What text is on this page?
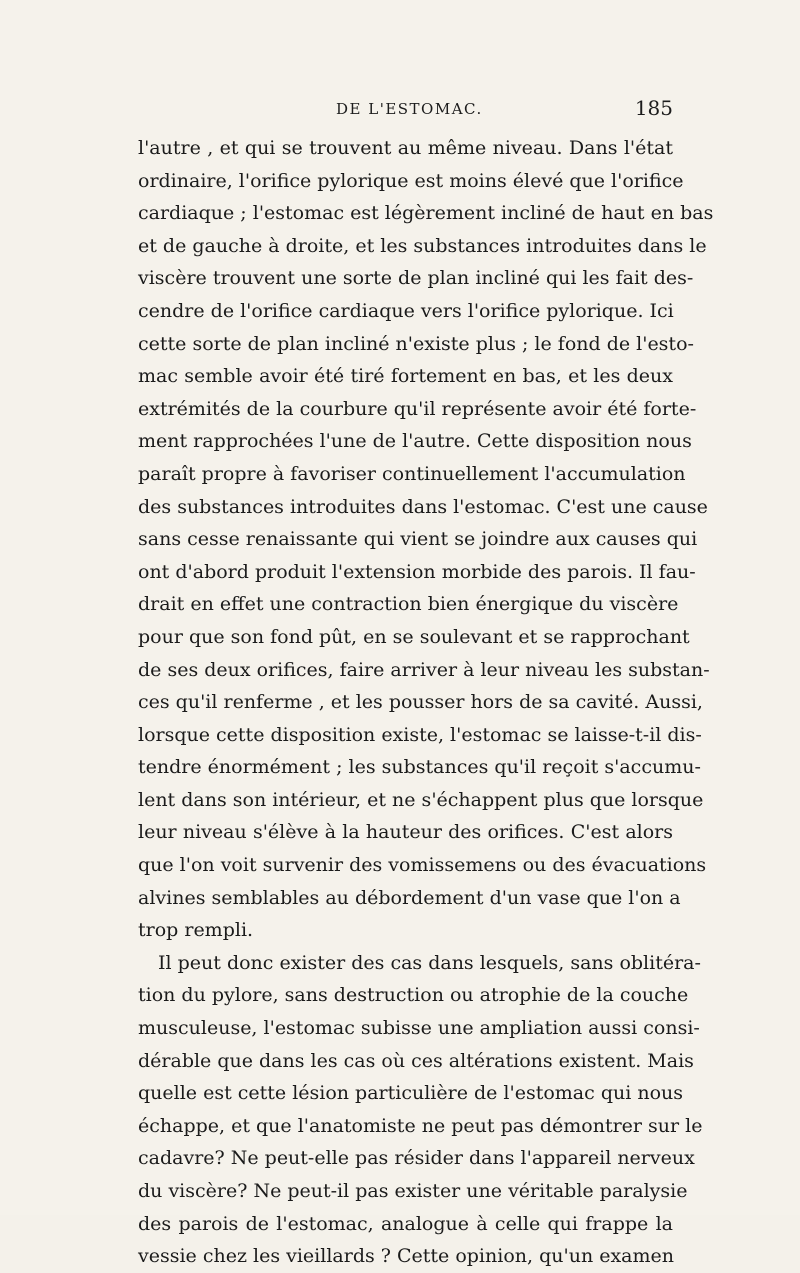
DE L'ESTOMAC.	185
l'autre , et qui se trouvent au même niveau. Dans l'état
ordinaire, l'orifice pylorique est moins élevé que l'orifice
cardiaque ; l'estomac est légèrement incliné de haut en bas
et de gauche à droite, et les substances introduites dans le
viscère trouvent une sorte de plan incliné qui les fait des-
cendre de l'orifice cardiaque vers l'orifice pylorique. Ici
cette sorte de plan incliné n'existe plus ; le fond de l'esto-
mac semble avoir été tiré fortement en bas, et les deux
extrémités de la courbure qu'il représente avoir été forte-
ment rapprochées l'une de l'autre. Cette disposition nous
paraît propre à favoriser continuellement l'accumulation
des substances introduites dans l'estomac. C'est une cause
sans cesse renaissante qui vient se joindre aux causes qui
ont d'abord produit l'extension morbide des parois. Il fau-
drait en effet une contraction bien énergique du viscère
pour que son fond pût, en se soulevant et se rapprochant
de ses deux orifices, faire arriver à leur niveau les substan-
ces qu'il renferme , et les pousser hors de sa cavité. Aussi,
lorsque cette disposition existe, l'estomac se laisse-t-il dis-
tendre énormément ; les substances qu'il reçoit s'accumu-
lent dans son intérieur, et ne s'échappent plus que lorsque
leur niveau s'élève à la hauteur des orifices. C'est alors
que l'on voit survenir des vomissemens ou des évacuations
alvines semblables au débordement d'un vase que l'on a
trop rempli.
Il peut donc exister des cas dans lesquels, sans oblitéra-
tion du pylore, sans destruction ou atrophie de la couche
musculeuse, l'estomac subisse une ampliation aussi consi-
dérable que dans les cas où ces altérations existent. Mais
quelle est cette lésion particulière de l'estomac qui nous
échappe, et que l'anatomiste ne peut pas démontrer sur le
cadavre? Ne peut-elle pas résider dans l'appareil nerveux
du viscère? Ne peut-il pas exister une véritable paralysie
des parois de l'estomac, analogue à celle qui frappe la
vessie chez les vieillards ? Cette opinion, qu'un examen
